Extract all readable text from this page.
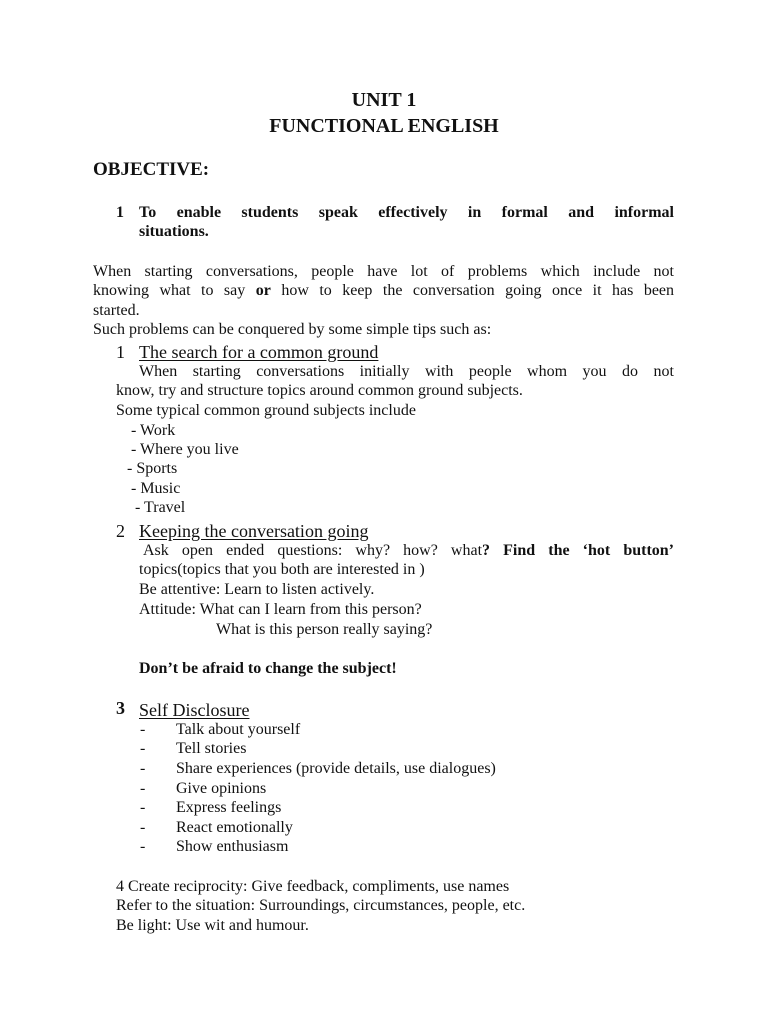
UNIT 1
FUNCTIONAL ENGLISH
OBJECTIVE:
1 To enable students speak effectively in formal and informal
situations.
When starting conversations, people have lot of problems which include not
knowing what to say or how to keep the conversation going once it has been
started.
Such problems can be conquered by some simple tips such as:
1 The search for a common ground
When starting conversations initially with people whom you do not
know, try and structure topics around common ground subjects.
Some typical common ground subjects include
- Work
- Where you live
- Sports
- Music
- Travel
2 Keeping the conversation going
Ask open ended questions: why? how? what? Find the ‘hot button’
topics(topics that you both are interested in )
Be attentive: Learn to listen actively.
Attitude: What can I learn from this person?
What is this person really saying?
Don’t be afraid to change the subject!
3 Self Disclosure
- Talk about yourself
- Tell stories
- Share experiences (provide details, use dialogues)
- Give opinions
- Express feelings
- React emotionally
- Show enthusiasm
4 Create reciprocity: Give feedback, compliments, use names
Refer to the situation: Surroundings, circumstances, people, etc.
Be light: Use wit and humour.
